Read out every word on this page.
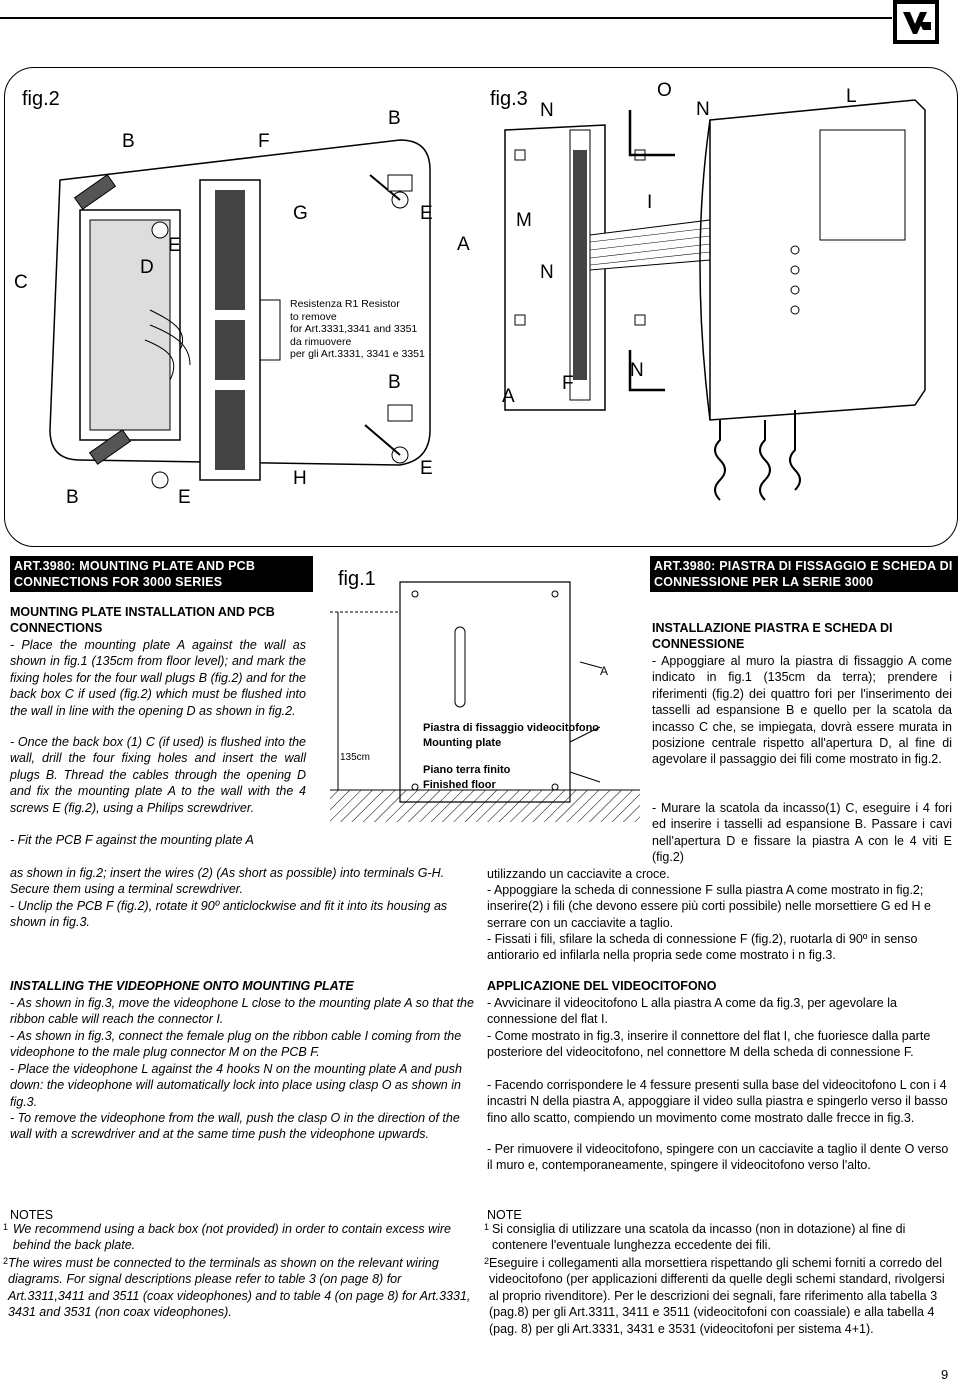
fig.2
B	F
B
G	E
E
D
C
A
B	E
H	E
Resistenza R1 Resistor
to remove
for Art.3331,3341 and 3351
da rimuovere
per gli Art.3331, 3341 e 3351
B
fig.3
N
O
N
L
M
I
N
A
F
N
ART.3980: MOUNTING PLATE AND PCB CONNECTIONS FOR 3000 SERIES
MOUNTING PLATE INSTALLATION AND PCB CONNECTIONS
- Place the mounting plate A against the wall as shown in fig.1 (135cm from floor level); and mark the fixing holes for the four wall plugs B (fig.2) and for the back box C if used (fig.2) which must be flushed into the wall in line with the opening D as shown in fig.2.
- Once the back box (1) C (if used) is flushed into the wall, drill the four fixing holes and insert the wall plugs B. Thread the cables through the opening D and fix the mounting plate A to the wall with the 4 screws E (fig.2), using a Philips screwdriver.
- Fit the PCB F against the mounting plate A
as shown in fig.2; insert the wires (2) (As short as possible) into terminals G-H. Secure them using a terminal screwdriver.
- Unclip the PCB F (fig.2), rotate it 90º anticlockwise and fit it into its housing as shown in fig.3.
INSTALLING THE VIDEOPHONE ONTO MOUNTING PLATE
- As shown in fig.3, move the videophone L close to the mounting plate A so that the ribbon cable will reach the connector I.
- As shown in fig.3, connect the female plug on the ribbon cable I coming from the videophone to the male plug connector M on the PCB F.
- Place the videophone L against the 4 hooks N on the mounting plate A and push down: the videophone will automatically lock into place using clasp O as shown in fig.3.
- To remove the videophone from the wall, push the clasp O in the direction of the wall with a screwdriver and at the same time push the videophone upwards.
NOTES
1 We recommend using a back box (not provided) in order to contain excess wire behind the back plate.
2 The wires must be connected to the terminals as shown on the relevant wiring diagrams. For signal descriptions please refer to table 3 (on page 8) for Art.3311,3411 and 3511 (coax videophones) and to table 4 (on page 8) for Art.3331, 3431 and 3531 (non coax videophones).
fig.1
135cm
A
Piastra di fissaggio videocitofono
Mounting plate
Piano terra finito
Finished floor
ART.3980: PIASTRA DI FISSAGGIO E SCHEDA DI CONNESSIONE PER LA SERIE 3000
INSTALLAZIONE PIASTRA E SCHEDA DI CONNESSIONE
- Appoggiare al muro la piastra di fissaggio A come indicato in fig.1 (135cm da terra); prendere i riferimenti (fig.2) dei quattro fori per l'inserimento dei tasselli ad espansione B e quello per la scatola da incasso C che, se impiegata, dovrà essere murata in posizione centrale rispetto all'apertura D, al fine di agevolare il passaggio dei fili come mostrato in fig.2.
- Murare la scatola da incasso(1) C, eseguire i 4 fori ed inserire i tasselli ad espansione B. Passare i cavi nell'apertura D e fissare la piastra A con le 4 viti E (fig.2)
utilizzando un cacciavite a croce.
- Appoggiare la scheda di connessione F sulla piastra A come mostrato in fig.2; inserire(2) i fili (che devono essere più corti possibile) nelle morsettiere G ed H e serrare con un cacciavite a taglio.
- Fissati i fili, sfilare la scheda di connessione F (fig.2), ruotarla di 90º in senso antiorario ed infilarla nella propria sede come mostrato i n fig.3.
APPLICAZIONE DEL VIDEOCITOFONO
- Avvicinare il videocitofono L alla piastra A come da fig.3, per agevolare la connessione del flat I.
- Come mostrato in fig.3, inserire il connettore del flat I, che fuoriesce dalla parte posteriore del videocitofono, nel connettore M della scheda di connessione F.
- Facendo corrispondere le 4 fessure presenti sulla base del videocitofono L con i 4 incastri N della piastra A, appoggiare il video sulla piastra e spingerlo verso il basso fino allo scatto, compiendo un movimento come mostrato dalle frecce in fig.3.
- Per rimuovere il videocitofono, spingere con un cacciavite a taglio il dente O verso il muro e, contemporaneamente, spingere il videocitofono verso l'alto.
NOTE
1 Si consiglia di utilizzare una scatola da incasso (non in dotazione) al fine di contenere l'eventuale lunghezza eccedente dei fili.
2 Eseguire i collegamenti alla morsettiera rispettando gli schemi forniti a corredo del videocitofono (per applicazioni differenti da quelle degli schemi standard, rivolgersi al proprio rivenditore). Per le descrizioni dei segnali, fare riferimento alla tabella 3 (pag.8) per gli Art.3311, 3411 e 3511 (videocitofoni con coassiale) e alla tabella 4 (pag. 8) per gli Art.3331, 3431 e 3531 (videocitofoni per sistema 4+1).
9
